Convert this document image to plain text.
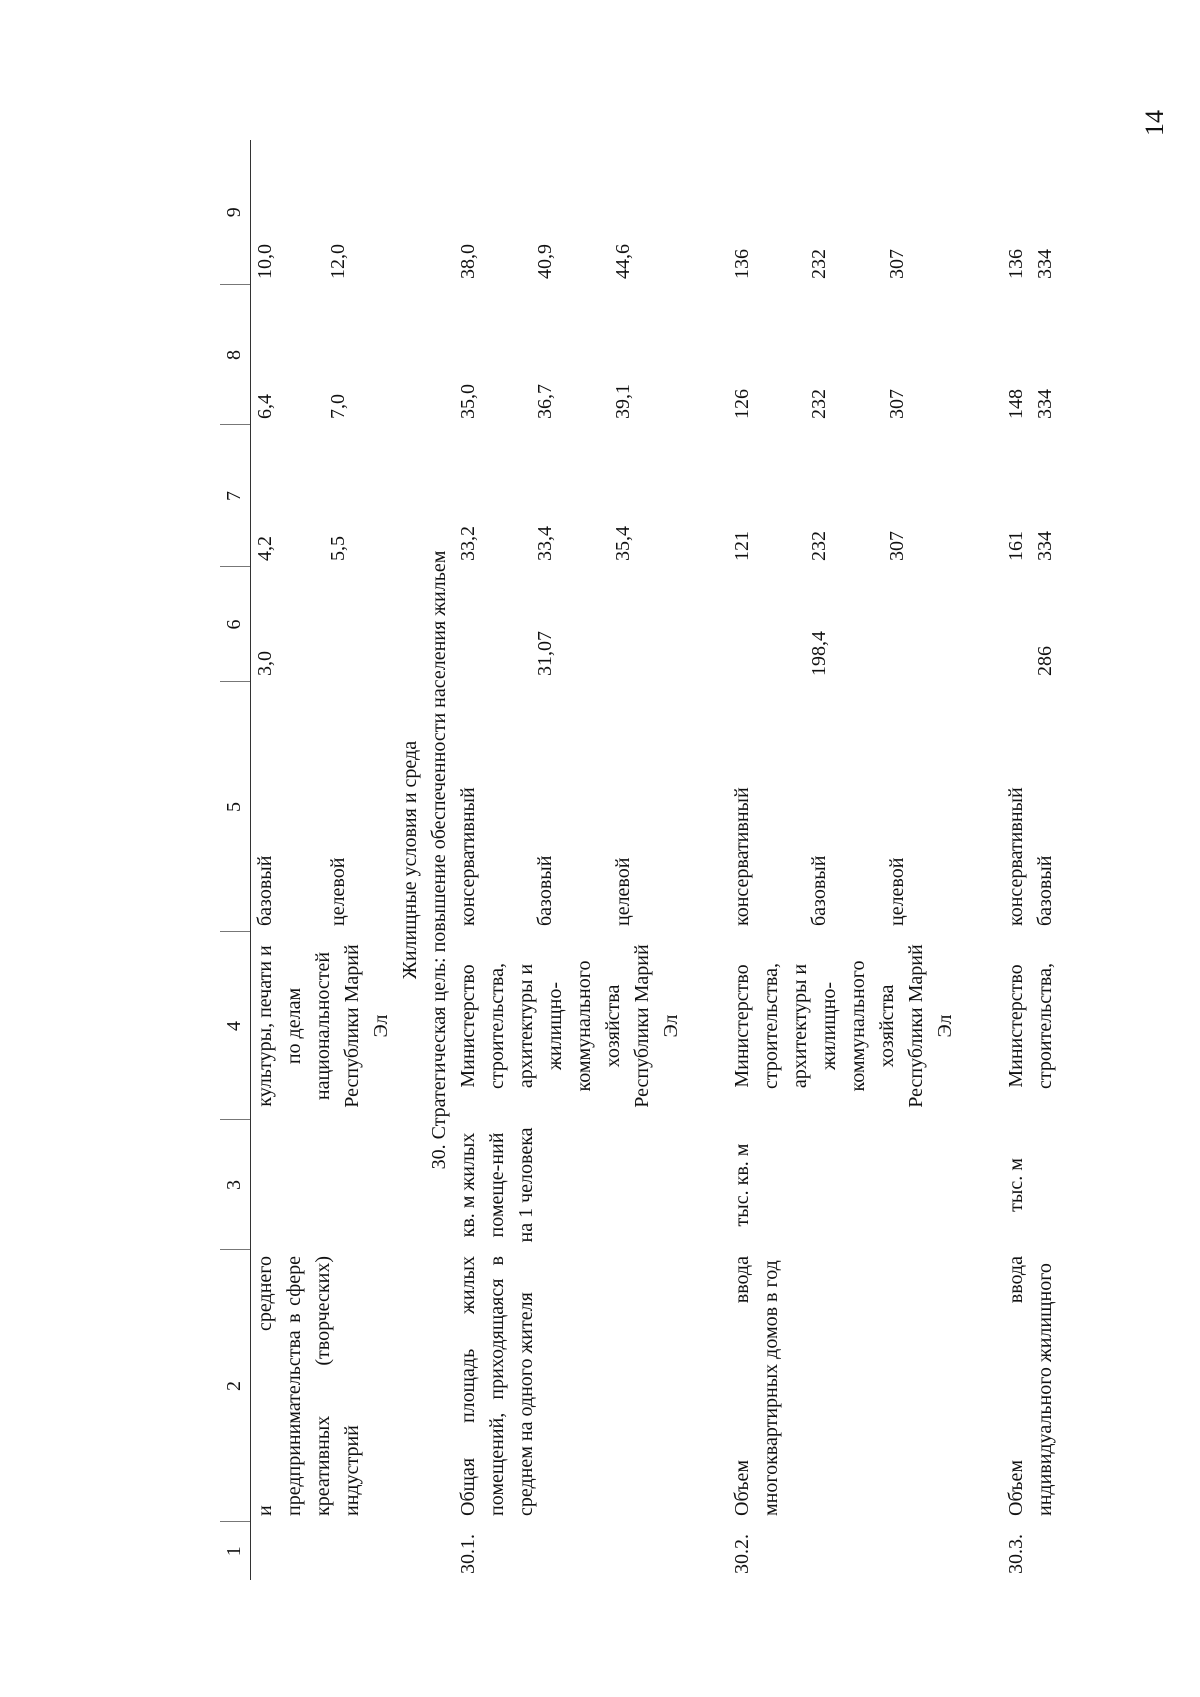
14
1	2	3	4	5	6	7	8	9
	и среднего предпринимательства в сфере креативных (творческих) индустрий		культуры, печати и по делам национальностей Республики Марий Эл	базовый	3,0	4,2	6,4	10,0
				целевой		5,5	7,0	12,0
Жилищные условия и среда								
30. Стратегическая цель: повышение обеспеченности населения жильем								
30.1.	Общая площадь жилых помещений, приходящаяся в среднем на одного жителя	кв. м жилых помеще-ний на 1 человека	Министерство строительства, архитектуры и жилищно-коммунального хозяйства Республики Марий Эл	консервативный		33,2	35,0	38,0
				базовый	31,07	33,4	36,7	40,9
				целевой		35,4	39,1	44,6

30.2.	Объем ввода многоквартирных домов в год	тыс. кв. м	Министерство строительства, архитектуры и жилищно-коммунального хозяйства Республики Марий Эл	консервативный		121	126	136
				базовый	198,4	232	232	232
				целевой		307	307	307

30.3.	Объем ввода индивидуального жилищного	тыс. м	Министерство строительства,	консервативный		161	148	136
				базовый	286	334	334	334
